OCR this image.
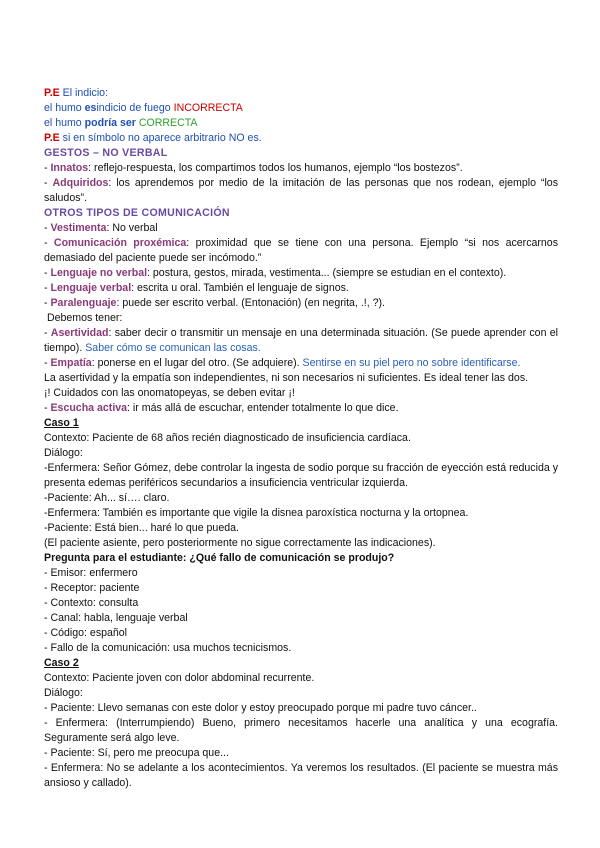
P.E El indicio:

el humo esindicio de fuego INCORRECTA

el humo podría ser CORRECTA

P.E si en símbolo no aparece arbitrario NO es.

GESTOS – NO VERBAL

- Innatos: reflejo-respuesta, los compartimos todos los humanos, ejemplo “los bostezos”.

- Adquiridos: los aprendemos por medio de la imitación de las personas que nos rodean, ejemplo “los saludos”.

OTROS TIPOS DE COMUNICACIÓN

- Vestimenta: No verbal

- Comunicación proxémica: proximidad que se tiene con una persona. Ejemplo “si nos acercarnos demasiado del paciente puede ser incómodo.”

- Lenguaje no verbal: postura, gestos, mirada, vestimenta... (siempre se estudian en el contexto).

- Lenguaje verbal: escrita u oral. También el lenguaje de signos.

- Paralenguaje: puede ser escrito verbal. (Entonación) (en negrita, .!, ?).

Debemos tener:

- Asertividad: saber decir o transmitir un mensaje en una determinada situación. (Se puede aprender con el tiempo). Saber cómo se comunican las cosas.

- Empatía: ponerse en el lugar del otro. (Se adquiere). Sentirse en su piel pero no sobre identificarse.

La asertividad y la empatía son independientes, ni son necesarios ni suficientes. Es ideal tener las dos.

¡! Cuidados con las onomatopeyas, se deben evitar ¡!

- Escucha activa: ir más allá de escuchar, entender totalmente lo que dice.

Caso 1

Contexto: Paciente de 68 años recién diagnosticado de insuficiencia cardíaca.

Diálogo:

-Enfermera: Señor Gómez, debe controlar la ingesta de sodio porque su fracción de eyección está reducida y presenta edemas periféricos secundarios a insuficiencia ventricular izquierda.

-Paciente: Ah... sí…. claro.

-Enfermera: También es importante que vigile la disnea paroxística nocturna y la ortopnea.

-Paciente: Está bien... haré lo que pueda.

(El paciente asiente, pero posteriormente no sigue correctamente las indicaciones).

Pregunta para el estudiante: ¿Qué fallo de comunicación se produjo?

- Emisor: enfermero

- Receptor: paciente

- Contexto: consulta

- Canal: habla, lenguaje verbal

- Código: español

- Fallo de la comunicación: usa muchos tecnicismos.

Caso 2

Contexto: Paciente joven con dolor abdominal recurrente.

Diálogo:

- Paciente: Llevo semanas con este dolor y estoy preocupado porque mi padre tuvo cáncer..

- Enfermera: (Interrumpiendo) Bueno, primero necesitamos hacerle una analítica y una ecografía. Seguramente será algo leve.

- Paciente: Sí, pero me preocupa que...

- Enfermera: No se adelante a los acontecimientos. Ya veremos los resultados. (El paciente se muestra más ansioso y callado).
